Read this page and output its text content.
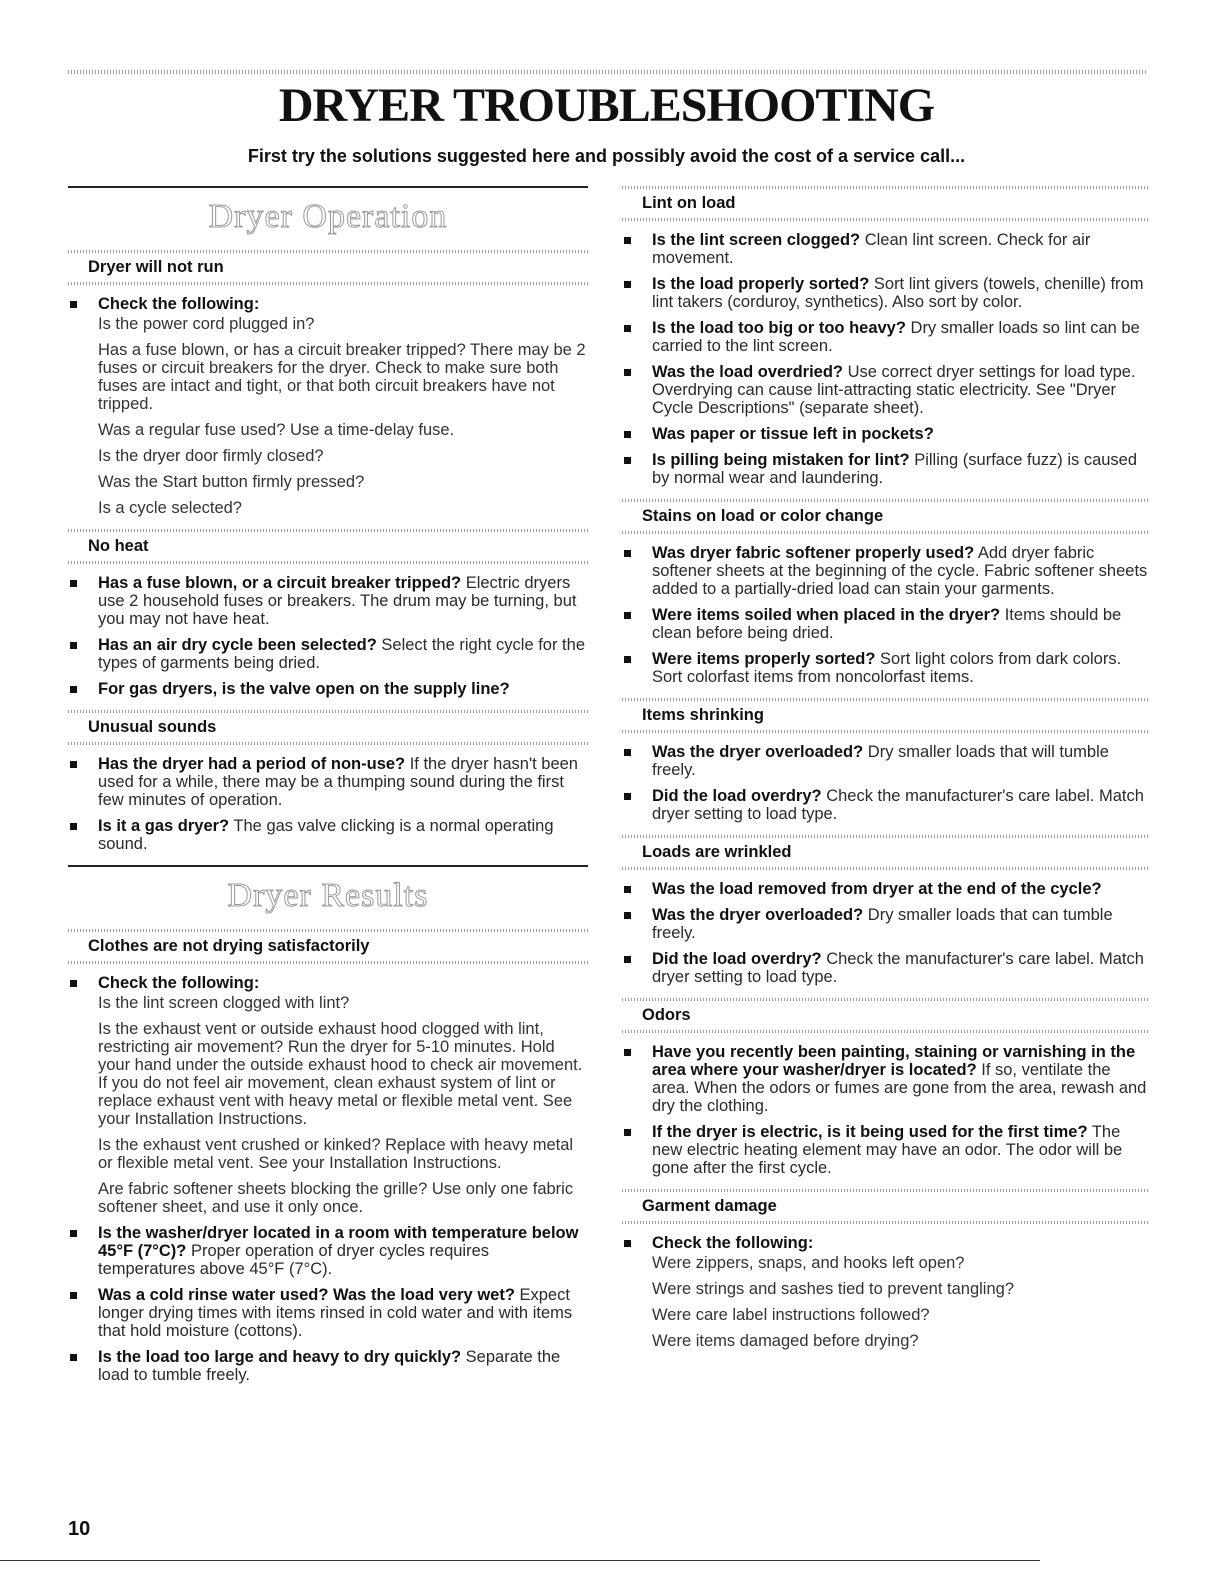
DRYER TROUBLESHOOTING
First try the solutions suggested here and possibly avoid the cost of a service call...
Dryer Operation
Dryer will not run
Check the following:
Is the power cord plugged in?
Has a fuse blown, or has a circuit breaker tripped? There may be 2 fuses or circuit breakers for the dryer. Check to make sure both fuses are intact and tight, or that both circuit breakers have not tripped.
Was a regular fuse used? Use a time-delay fuse.
Is the dryer door firmly closed?
Was the Start button firmly pressed?
Is a cycle selected?
No heat
Has a fuse blown, or a circuit breaker tripped? Electric dryers use 2 household fuses or breakers. The drum may be turning, but you may not have heat.
Has an air dry cycle been selected? Select the right cycle for the types of garments being dried.
For gas dryers, is the valve open on the supply line?
Unusual sounds
Has the dryer had a period of non-use? If the dryer hasn't been used for a while, there may be a thumping sound during the first few minutes of operation.
Is it a gas dryer? The gas valve clicking is a normal operating sound.
Dryer Results
Clothes are not drying satisfactorily
Check the following:
Is the lint screen clogged with lint?
Is the exhaust vent or outside exhaust hood clogged with lint, restricting air movement? Run the dryer for 5-10 minutes. Hold your hand under the outside exhaust hood to check air movement. If you do not feel air movement, clean exhaust system of lint or replace exhaust vent with heavy metal or flexible metal vent. See your Installation Instructions.
Is the exhaust vent crushed or kinked? Replace with heavy metal or flexible metal vent. See your Installation Instructions.
Are fabric softener sheets blocking the grille? Use only one fabric softener sheet, and use it only once.
Is the washer/dryer located in a room with temperature below 45°F (7°C)? Proper operation of dryer cycles requires temperatures above 45°F (7°C).
Was a cold rinse water used? Was the load very wet? Expect longer drying times with items rinsed in cold water and with items that hold moisture (cottons).
Is the load too large and heavy to dry quickly? Separate the load to tumble freely.
Lint on load
Is the lint screen clogged? Clean lint screen. Check for air movement.
Is the load properly sorted? Sort lint givers (towels, chenille) from lint takers (corduroy, synthetics). Also sort by color.
Is the load too big or too heavy? Dry smaller loads so lint can be carried to the lint screen.
Was the load overdried? Use correct dryer settings for load type. Overdrying can cause lint-attracting static electricity. See "Dryer Cycle Descriptions" (separate sheet).
Was paper or tissue left in pockets?
Is pilling being mistaken for lint? Pilling (surface fuzz) is caused by normal wear and laundering.
Stains on load or color change
Was dryer fabric softener properly used? Add dryer fabric softener sheets at the beginning of the cycle. Fabric softener sheets added to a partially-dried load can stain your garments.
Were items soiled when placed in the dryer? Items should be clean before being dried.
Were items properly sorted? Sort light colors from dark colors. Sort colorfast items from noncolorfast items.
Items shrinking
Was the dryer overloaded? Dry smaller loads that will tumble freely.
Did the load overdry? Check the manufacturer's care label. Match dryer setting to load type.
Loads are wrinkled
Was the load removed from dryer at the end of the cycle?
Was the dryer overloaded? Dry smaller loads that can tumble freely.
Did the load overdry? Check the manufacturer's care label. Match dryer setting to load type.
Odors
Have you recently been painting, staining or varnishing in the area where your washer/dryer is located? If so, ventilate the area. When the odors or fumes are gone from the area, rewash and dry the clothing.
If the dryer is electric, is it being used for the first time? The new electric heating element may have an odor. The odor will be gone after the first cycle.
Garment damage
Check the following:
Were zippers, snaps, and hooks left open?
Were strings and sashes tied to prevent tangling?
Were care label instructions followed?
Were items damaged before drying?
10
